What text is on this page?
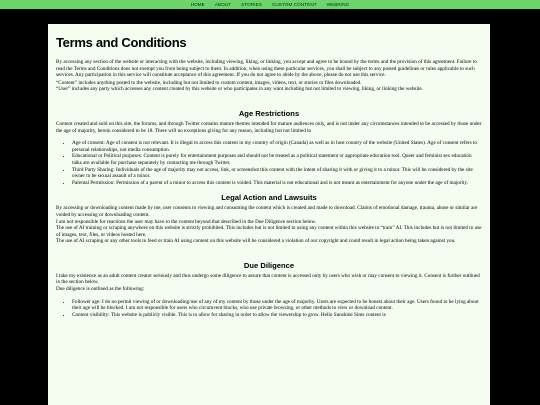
HOME ABOUT STORIES CUSTOM CONTENT WEBRING
Terms and Conditions

By accessing any section of the website or interacting with the website, including viewing, liking, or linking, you accept and agree to be bound by the terms and the provision of this agreement. Failure to read the Terms and Conditions does not exempt you from being subject to them. In addition, when using these particular services, you shall be subject to any posted guidelines or rules applicable to such services. Any participation in this service will constitute acceptance of this agreement. If you do not agree to abide by the above, please do not use this service.

“Content” includes anything posted to the website, including but not limited to custom content, images, videos, text, or stories or files downloaded.

“User” includes any party which accesses any content created by this website or who participates in any want including but not limited to viewing, liking, or linking the website.

Age Restrictions

Content created and sold on this site, the forums, and through Twitter contains mature themes intended for mature audiences only, and is not under any circumstances intended to be accessed by those under the age of majority, herein considered to be 18. There will no exceptions giving for any reason, including but not limited to

• Age of consent: Age of consent is not relevant. It is illegal to access this content in my country of origin (Canada) as well as in host country of the website (United States). Age of consent refers to personal relationships, not media consumption.
• Educational or Political purposes: Content is purely for entertainment purposes and should not be treated as a political statement or appropriate education tool. Queer and feminist sex education talks are available for purchase separately by contacting me through Twitter.
• Third Party Sharing: Individuals of the age of majority may not access, link, or screenshot this content with the intent of sharing it with or giving it to a minor. This will be considered by the site owner to be sexual assault of a minor.
• Parental Permission: Permission of a parent of a minor to access this content is voided. This material is not educational and is not meant as entertainment for anyone under the age of majority.
Legal Action and Lawsuits

By accessing or downloading content made by me, user consents to viewing and consuming the content which is created and made to download. Claims of emotional damage, trauma, abuse or similar are voided by accessing or downloading content.

I am not responsible for reactions the user may have to the content beyond that described in the Due Diligence section below.

The use of AI training or scraping anywhere on this website is strictly prohibited. This includes but is not limited to using any content within this website to “train” AI. This includes but is not limited to use of images, text, files, or videos hosted here.

The use of AI scraping or any other tools to feed or train AI using content on this website will be considered a violation of our copyright and could result in legal action being taken against you.

Due Diligence

I take my existence as an adult content creator seriously and thus undergo some diligence to assure that content is accessed only by users who wish or may consent to viewing it. Consent is further outlined in the section below.

Due diligence is outlined as the following:

• Follower age: I do no permit viewing of or downloading/use of any of my content by those under the age of majority. Users are expected to be honest about their age. Users found to be lying about their age will be blocked. I am not responsible for users who circumvent blocks, who use private browsing, or other methods to view or download content.
• Content visibility: This website is publicly visible. This is to allow for sharing in order to allow the viewership to grow. Hello Sunshine Sims content is
